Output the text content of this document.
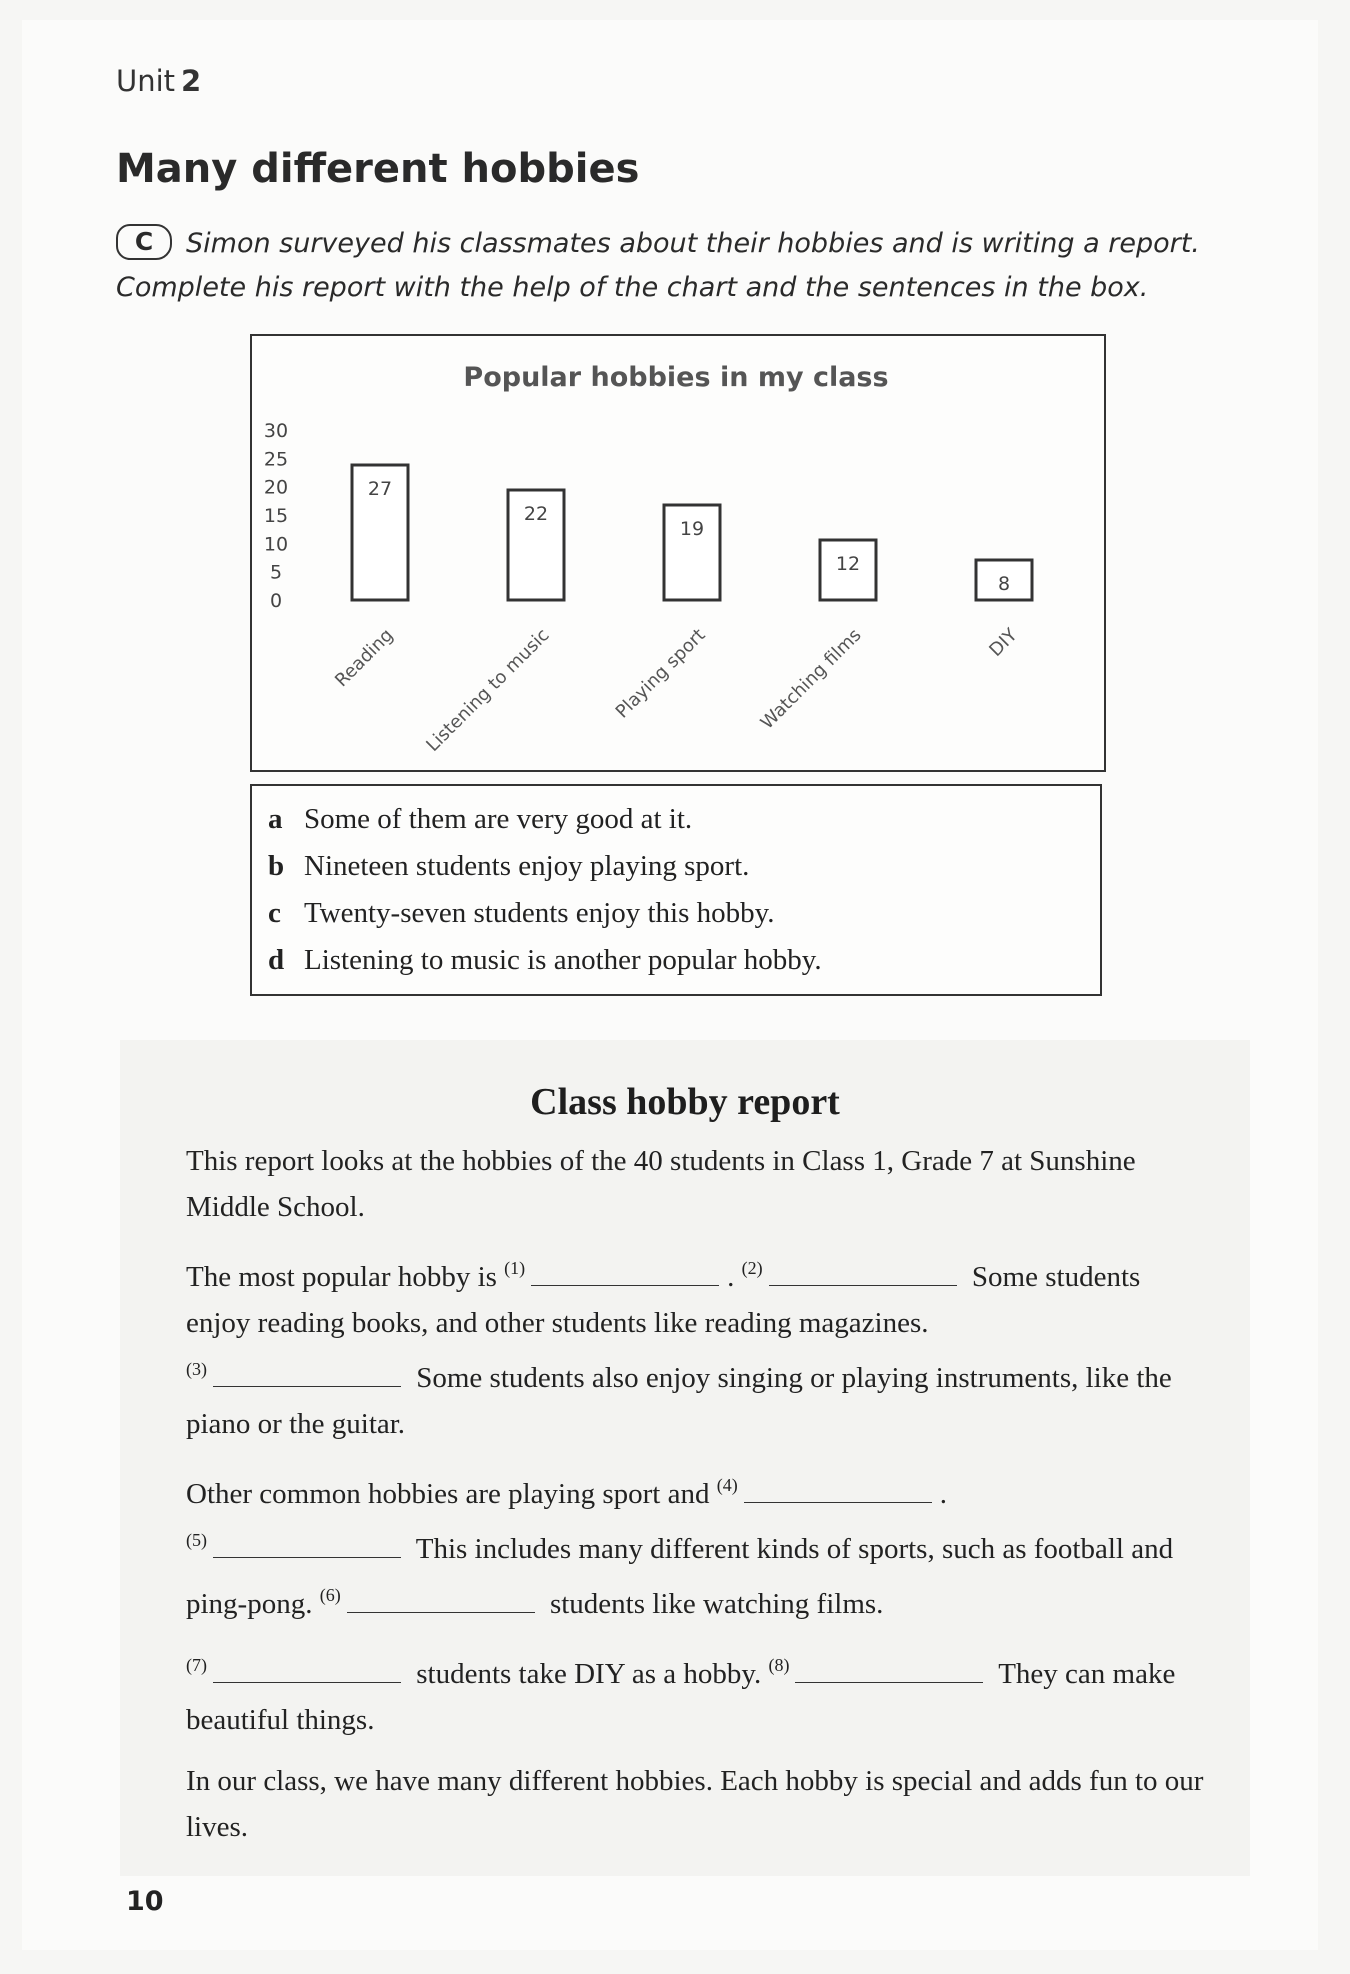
Unit 2
Many different hobbies
C Simon surveyed his classmates about their hobbies and is writing a report. Complete his report with the help of the chart and the sentences in the box.
Popular hobbies in my class
0
5
10
15
20
25
30
27
Reading
22
Listening to music
19
Playing sport
12
Watching films
8
DIY
a Some of them are very good at it.
b Nineteen students enjoy playing sport.
c Twenty-seven students enjoy this hobby.
d Listening to music is another popular hobby.
Class hobby report

This report looks at the hobbies of the 40 students in Class 1, Grade 7 at Sunshine Middle School.

The most popular hobby is $^{(1)}$	. $^{(2)}$	Some students enjoy reading books, and other students like reading magazines.
$^{(3)}$	Some students also enjoy singing or playing instruments, like the piano or the guitar.

Other common hobbies are playing sport and $^{(4)}$	.
$^{(5)}$	This includes many different kinds of sports, such as football and ping-pong. $^{(6)}$	students like watching films.

$^{(7)}$	students take DIY as a hobby. $^{(8)}$	They can make beautiful things.

In our class, we have many different hobbies. Each hobby is special and adds fun to our lives.

10
